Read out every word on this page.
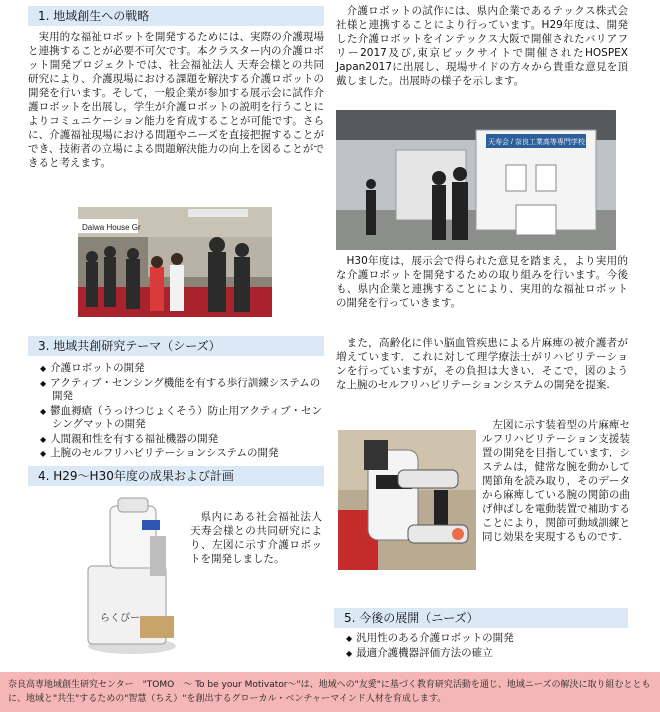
1. 地域創生への戦略

実用的な福祉ロボットを開発するためには、実際の介護現場と連携することが必要不可欠です。本クラスター内の介護ロボット開発プロジェクトでは、社会福祉法人 天寿会様との共同研究により、介護現場における課題を解決する介護ロボットの開発を行います。そして，一般企業が参加する展示会に試作介護ロボットを出展し，学生が介護ロボットの説明を行うことによりコミュニケーション能力を育成することが可能です。さらに、介護福祉現場における問題やニーズを直接把握することができ、技術者の立場による問題解決能力の向上を図ることができると考えます。

Daiwa House Gr
3. 地域共創研究テーマ（シーズ）
◆ 介護ロボットの開発
◆ アクティブ・センシング機能を有する歩行訓練システムの開発
◆ 鬱血褥瘡（うっけつじょくそう）防止用アクティブ・センシングマットの開発
◆ 人間親和性を有する福祉機器の開発
◆ 上腕のセルフリハビリテーションシステムの開発
4. H29〜H30年度の成果および計画
らくぴー

県内にある社会福祉法人 天寿会様との共同研究により、左図に示す介護ロボットを開発しました。

介護ロボットの試作には、県内企業であるテックス株式会社様と連携することにより行っています。H29年度は、開発した介護ロボットをインテックス大阪で開催されたバリアフリー2017及び,東京ビックサイトで開催されたHOSPEX Japan2017に出展し、現場サイドの方々から貴重な意見を頂戴しました。出展時の様子を示します。

天寿会 / 奈良工業高等専門学校

H30年度は，展示会で得られた意見を踏まえ，より実用的な介護ロボットを開発するための取り組みを行います。今後も、県内企業と連携することにより、実用的な福祉ロボットの開発を行っていきます。

また，高齢化に伴い脳血管疾患による片麻痺の被介護者が増えています．これに対して理学療法士がリハビリテーションを行っていますが，その負担は大きい．そこで，図のような上腕のセルフリハビリテーションシステムの開発を提案.

左図に示す装着型の片麻痺セルフリハビリテーション支援装置の開発を目指しています．システムは，健常な腕を動かして関節角を読み取り，そのデータから麻痺している腕の関節の曲げ伸ばしを電動装置で補助することにより，関節可動域訓練と同じ効果を実現するものです.

5. 今後の展開（ニーズ）
◆ 汎用性のある介護ロボットの開発
◆ 最適介護機器評価方法の確立
奈良高専地域創生研究センター　"TOMO　～ To be your Motivator～"は、地域への"友愛"に基づく教育研究活動を通じ、地域ニーズの解決に取り組むとともに、地域と"共生"するための"智慧（ちえ）"を創出するグローカル・ベンチャーマインド人材を育成します。
